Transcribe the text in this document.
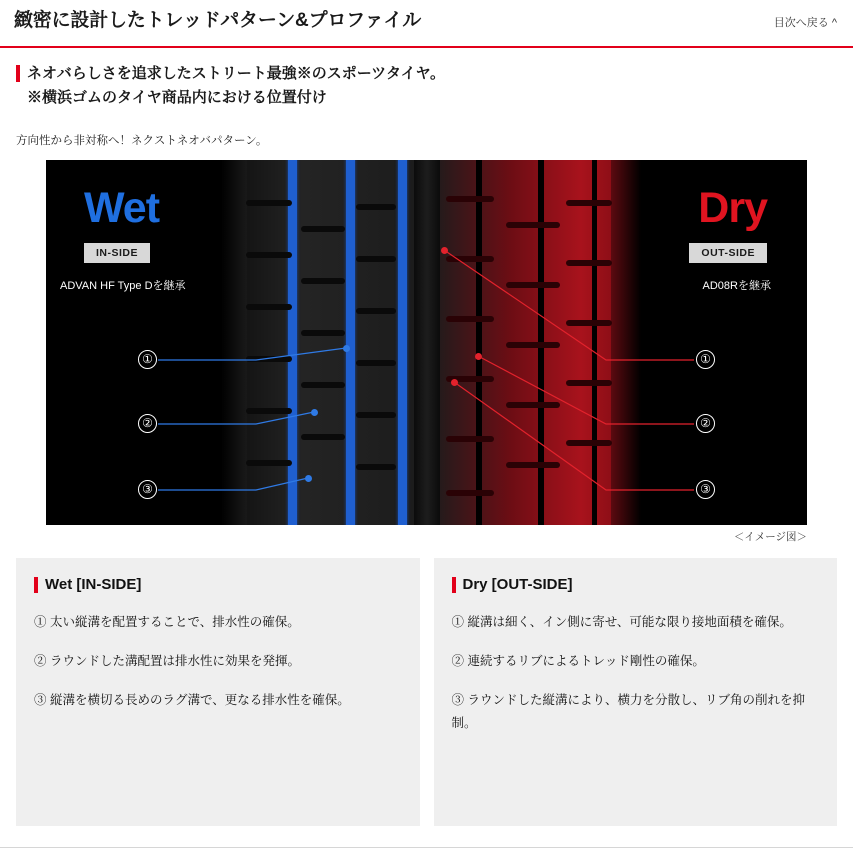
緻密に設計したトレッドパターン&プロファイル	目次へ戻る ^
ネオバらしさを追求したストリート最強※のスポーツタイヤ。
※横浜ゴムのタイヤ商品内における位置付け
方向性から非対称へ！ネクストネオバパターン。
Wet	Dry
IN-SIDE	OUT-SIDE
ADVAN HF Type Dを継承	AD08Rを継承
①
②
③
①
②
③
＜イメージ図＞
Wet [IN-SIDE]
① 太い縦溝を配置することで、排水性の確保。
② ラウンドした溝配置は排水性に効果を発揮。
③ 縦溝を横切る長めのラグ溝で、更なる排水性を確保。
Dry [OUT-SIDE]
① 縦溝は細く、イン側に寄せ、可能な限り接地面積を確保。
② 連続するリブによるトレッド剛性の確保。
③ ラウンドした縦溝により、横力を分散し、リブ角の削れを抑制。
